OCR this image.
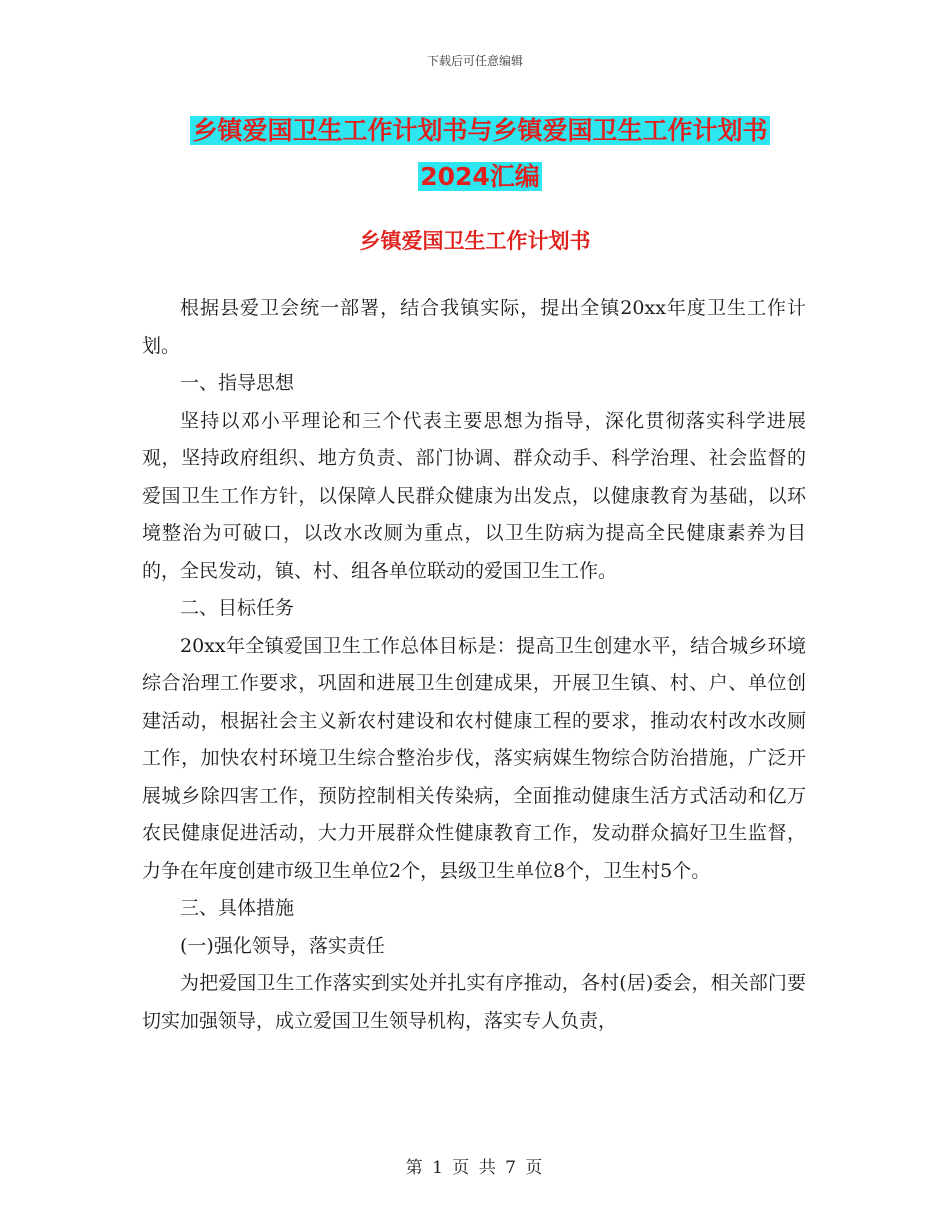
下载后可任意编辑
乡镇爱国卫生工作计划书与乡镇爱国卫生工作计划书
2024汇编
乡镇爱国卫生工作计划书

根据县爱卫会统一部署，结合我镇实际，提出全镇20xx年度卫生工作计划。

一、指导思想

坚持以邓小平理论和三个代表主要思想为指导，深化贯彻落实科学进展观，坚持政府组织、地方负责、部门协调、群众动手、科学治理、社会监督的爱国卫生工作方针，以保障人民群众健康为出发点，以健康教育为基础，以环境整治为可破口，以改水改厕为重点，以卫生防病为提高全民健康素养为目的，全民发动，镇、村、组各单位联动的爱国卫生工作。

二、目标任务

20xx年全镇爱国卫生工作总体目标是：提高卫生创建水平，结合城乡环境综合治理工作要求，巩固和进展卫生创建成果，开展卫生镇、村、户、单位创建活动，根据社会主义新农村建设和农村健康工程的要求，推动农村改水改厕工作，加快农村环境卫生综合整治步伐，落实病媒生物综合防治措施，广泛开展城乡除四害工作，预防控制相关传染病，全面推动健康生活方式活动和亿万农民健康促进活动，大力开展群众性健康教育工作，发动群众搞好卫生监督，力争在年度创建市级卫生单位2个，县级卫生单位8个，卫生村5个。

三、具体措施

(一)强化领导，落实责任

为把爱国卫生工作落实到实处并扎实有序推动，各村(居)委会，相关部门要切实加强领导，成立爱国卫生领导机构，落实专人负责，

第 1 页 共 7 页
